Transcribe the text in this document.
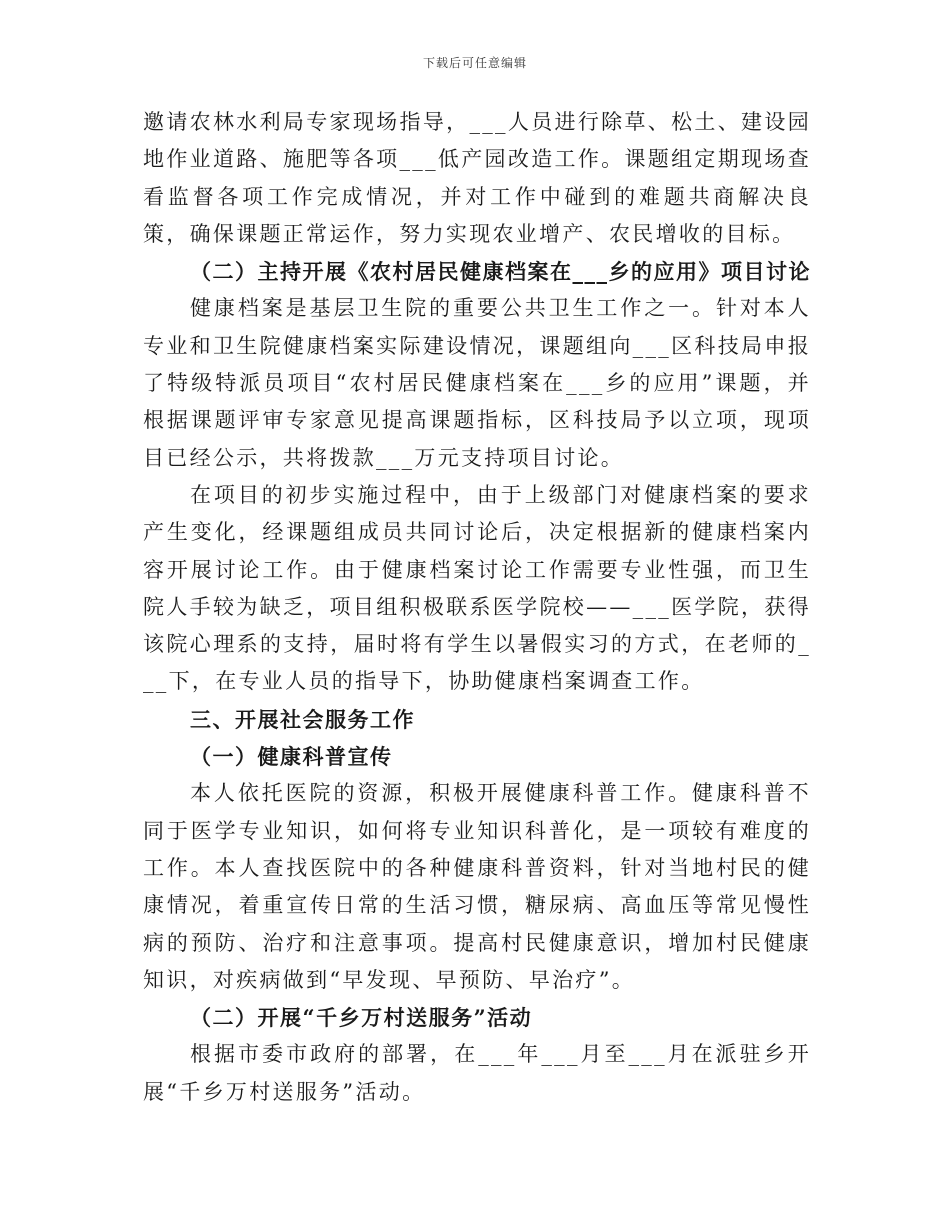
下载后可任意编辑

邀请农林水利局专家现场指导，___人员进行除草、松土、建设园地作业道路、施肥等各项___低产园改造工作。课题组定期现场查看监督各项工作完成情况，并对工作中碰到的难题共商解决良策，确保课题正常运作，努力实现农业增产、农民增收的目标。

（二）主持开展《农村居民健康档案在___乡的应用》项目讨论

健康档案是基层卫生院的重要公共卫生工作之一。针对本人专业和卫生院健康档案实际建设情况，课题组向___区科技局申报了特级特派员项目“农村居民健康档案在___乡的应用”课题，并根据课题评审专家意见提高课题指标，区科技局予以立项，现项目已经公示，共将拨款___万元支持项目讨论。

在项目的初步实施过程中，由于上级部门对健康档案的要求产生变化，经课题组成员共同讨论后，决定根据新的健康档案内容开展讨论工作。由于健康档案讨论工作需要专业性强，而卫生院人手较为缺乏，项目组积极联系医学院校——___医学院，获得该院心理系的支持，届时将有学生以暑假实习的方式，在老师的___下，在专业人员的指导下，协助健康档案调查工作。

三、开展社会服务工作

（一）健康科普宣传

本人依托医院的资源，积极开展健康科普工作。健康科普不同于医学专业知识，如何将专业知识科普化，是一项较有难度的工作。本人查找医院中的各种健康科普资料，针对当地村民的健康情况，着重宣传日常的生活习惯，糖尿病、高血压等常见慢性病的预防、治疗和注意事项。提高村民健康意识，增加村民健康知识，对疾病做到“早发现、早预防、早治疗”。

（二）开展“千乡万村送服务”活动

根据市委市政府的部署，在___年___月至___月在派驻乡开展“千乡万村送服务”活动。
